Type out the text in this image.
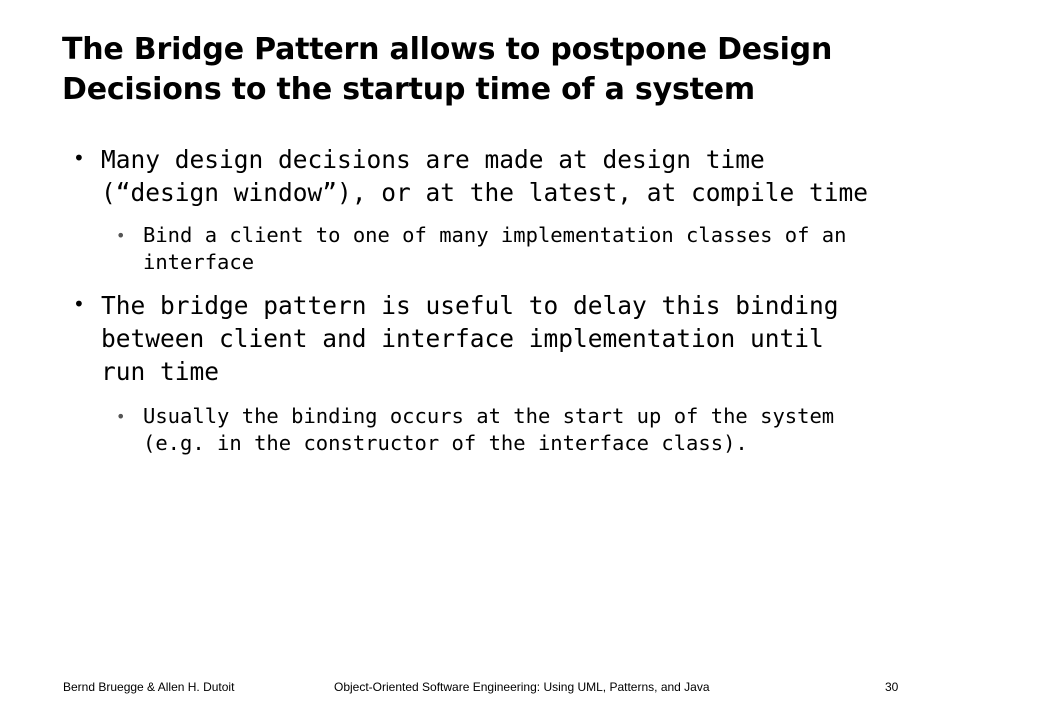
The Bridge Pattern allows to postpone Design
Decisions to the startup time of a system
• Many design decisions are made at design time
(“design window”), or at the latest, at compile time
• Bind a client to one of many implementation classes of an
interface
• The bridge pattern is useful to delay this binding
between client and interface implementation until
run time
• Usually the binding occurs at the start up of the system
(e.g. in the constructor of the interface class).
Bernd Bruegge & Allen H. Dutoit	Object-Oriented Software Engineering: Using UML, Patterns, and Java	30
